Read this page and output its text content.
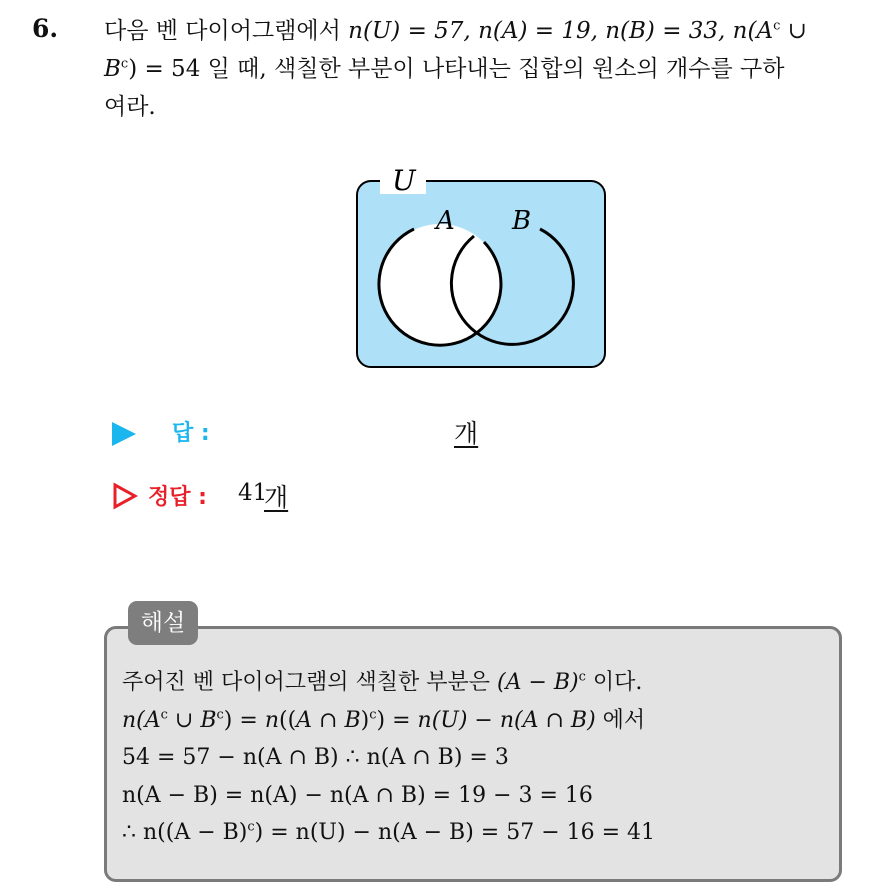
6. 다음 벤 다이어그램에서 n(U) = 57, n(A) = 19, n(B) = 33, $n(A^c$ ∪
$B^c) = 54$ 일 때, 색칠한 부분이 나타내는 집합의 원소의 개수를 구하
여라.
U
A B
답 :	개
정답 : 41
개
해설
주어진 벤 다이어그램의 색칠한 부분은 $(A - B)^c$ 이다.
$n(A^c$ ∪ $B^c) = n((A$ ∩ B)$^c$) = n(U) − n(A ∩ B) 에서
54 = 57 − n(A ∩ B) ∴ n(A ∩ B) = 3
n(A − B) = n(A) − n(A ∩ B) = 19 − 3 = 16
∴ $n((A - B)^c) = n(U) - n(A - B) = 57 - 16 = 41$
